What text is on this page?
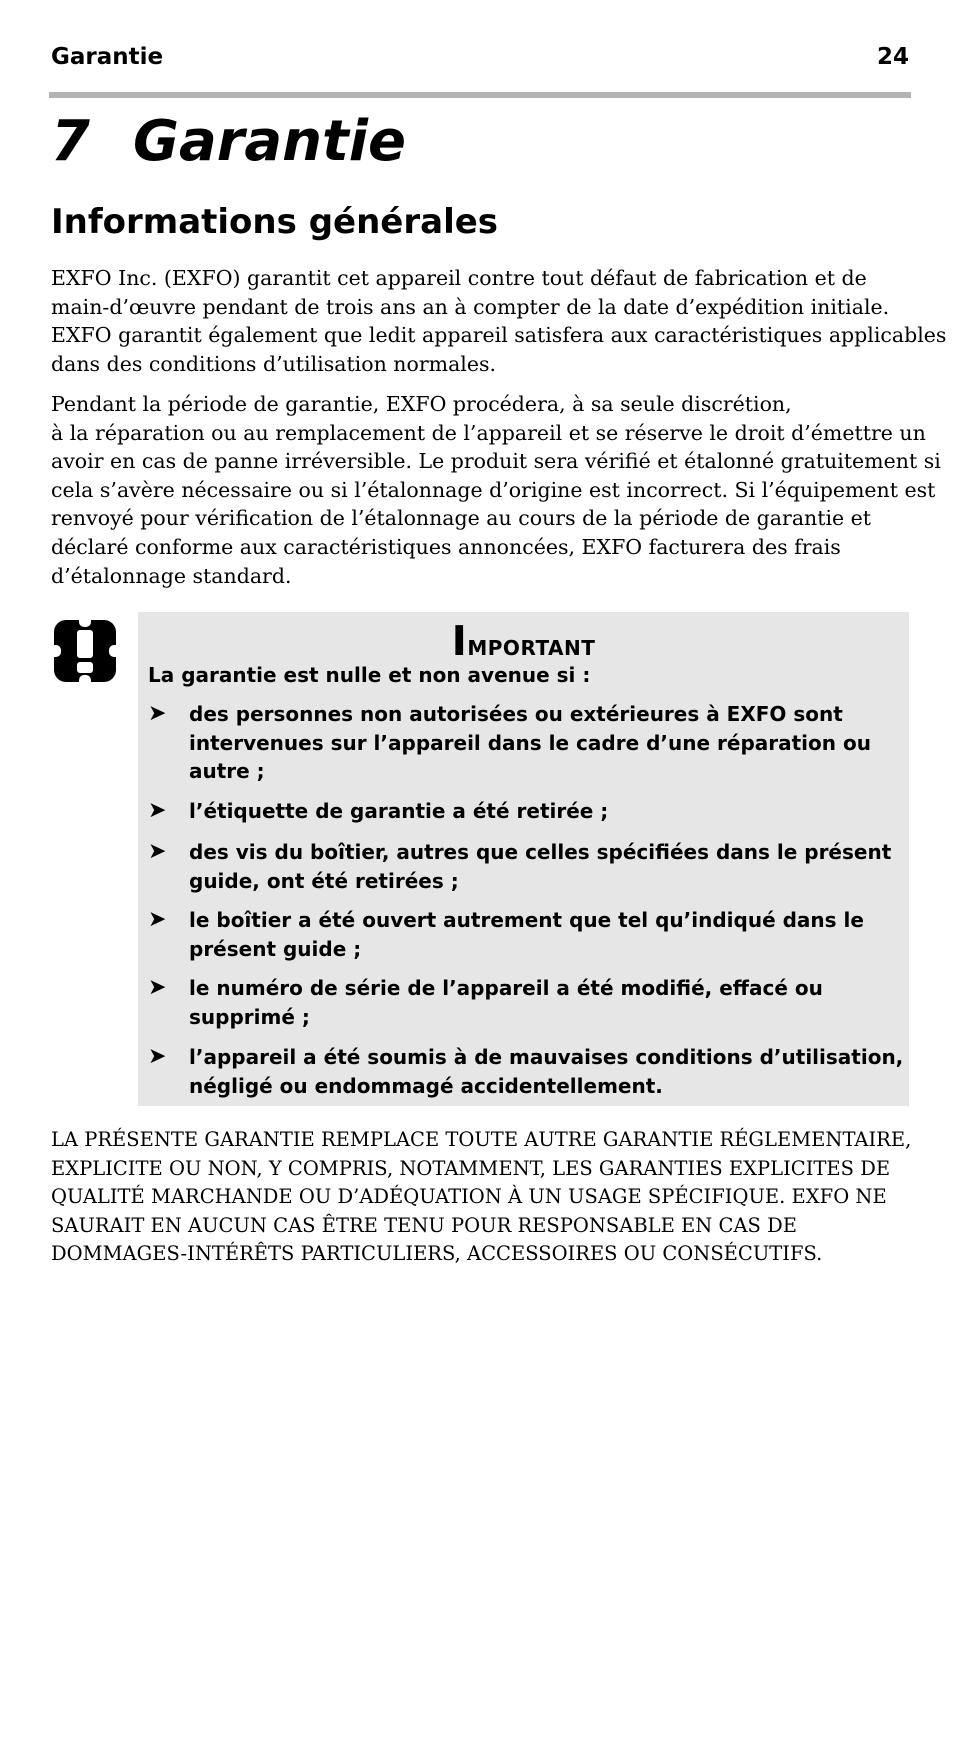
Garantie	24
7 Garantie
Informations générales

EXFO Inc. (EXFO) garantit cet appareil contre tout défaut de fabrication et de
main-d’œuvre pendant de trois ans an à compter de la date d’expédition initiale.
EXFO garantit également que ledit appareil satisfera aux caractéristiques applicables
dans des conditions d’utilisation normales.

Pendant la période de garantie, EXFO procédera, à sa seule discrétion,
à la réparation ou au remplacement de l’appareil et se réserve le droit d’émettre un
avoir en cas de panne irréversible. Le produit sera vérifié et étalonné gratuitement si
cela s’avère nécessaire ou si l’étalonnage d’origine est incorrect. Si l’équipement est
renvoyé pour vérification de l’étalonnage au cours de la période de garantie et
déclaré conforme aux caractéristiques annoncées, EXFO facturera des frais
d’étalonnage standard.

Important
La garantie est nulle et non avenue si :
➤ des personnes non autorisées ou extérieures à EXFO sont
intervenues sur l’appareil dans le cadre d’une réparation ou
autre ;
➤ l’étiquette de garantie a été retirée ;
➤ des vis du boîtier, autres que celles spécifiées dans le présent
guide, ont été retirées ;
➤ le boîtier a été ouvert autrement que tel qu’indiqué dans le
présent guide ;
➤ le numéro de série de l’appareil a été modifié, effacé ou
supprimé ;
➤ l’appareil a été soumis à de mauvaises conditions d’utilisation,
négligé ou endommagé accidentellement.
LA PRÉSENTE GARANTIE REMPLACE TOUTE AUTRE GARANTIE RÉGLEMENTAIRE,
EXPLICITE OU NON, Y COMPRIS, NOTAMMENT, LES GARANTIES EXPLICITES DE
QUALITÉ MARCHANDE OU D’ADÉQUATION À UN USAGE SPÉCIFIQUE. EXFO NE
SAURAIT EN AUCUN CAS ÊTRE TENU POUR RESPONSABLE EN CAS DE
DOMMAGES-INTÉRÊTS PARTICULIERS, ACCESSOIRES OU CONSÉCUTIFS.
